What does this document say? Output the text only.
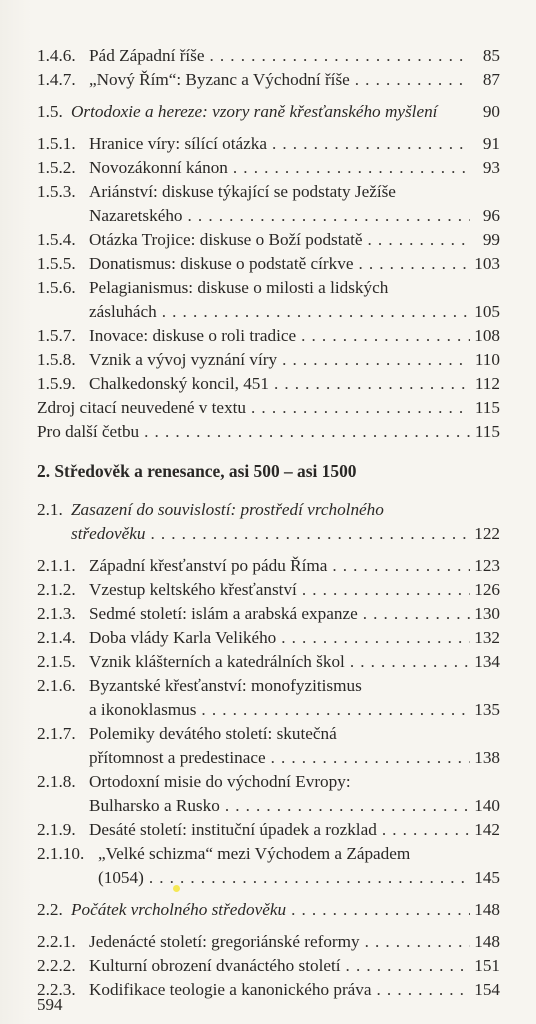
1.4.6. Pád Západní říše . . .	85
1.4.7. „Nový Řím“: Byzanc a Východní říše . . .	87
1.5. Ortodoxie a hereze: vzory raně křesťanského myšlení	90
1.5.1. Hranice víry: sílící otázka . . .	91
1.5.2. Novozákonní kánon . . .	93
1.5.3. Ariánství: diskuse týkající se podstaty Ježíše
Nazaretského . . .	96
1.5.4. Otázka Trojice: diskuse o Boží podstatě . . .	99
1.5.5. Donatismus: diskuse o podstatě církve . . .	103
1.5.6. Pelagianismus: diskuse o milosti a lidských
zásluhách . . .	105
1.5.7. Inovace: diskuse o roli tradice . . .	108
1.5.8. Vznik a vývoj vyznání víry . . .	110
1.5.9. Chalkedonský koncil, 451 . . .	112
Zdroj citací neuvedené v textu . . .	115
Pro další četbu . . .	115
2. Středověk a renesance, asi 500 – asi 1500
2.1. Zasazení do souvislostí: prostředí vrcholného
středověku . . .	122
2.1.1. Západní křesťanství po pádu Říma . . .	123
2.1.2. Vzestup keltského křesťanství . . .	126
2.1.3. Sedmé století: islám a arabská expanze . . .	130
2.1.4. Doba vlády Karla Velikého . . .	132
2.1.5. Vznik klášterních a katedrálních škol . . .	134
2.1.6. Byzantské křesťanství: monofyzitismus
a ikonoklasmus . . .	135
2.1.7. Polemiky devátého století: skutečná
přítomnost a predestinace . . .	138
2.1.8. Ortodoxní misie do východní Evropy:
Bulharsko a Rusko . . .	140
2.1.9. Desáté století: instituční úpadek a rozklad . . .	142
2.1.10. „Velké schizma“ mezi Východem a Západem
(1054) . . .	145
2.2. Počátek vrcholného středověku . . .	148
2.2.1. Jedenácté století: gregoriánské reformy . . .	148
2.2.2. Kulturní obrození dvanáctého století . . .	151
2.2.3. Kodifikace teologie a kanonického práva . . .	154
594
